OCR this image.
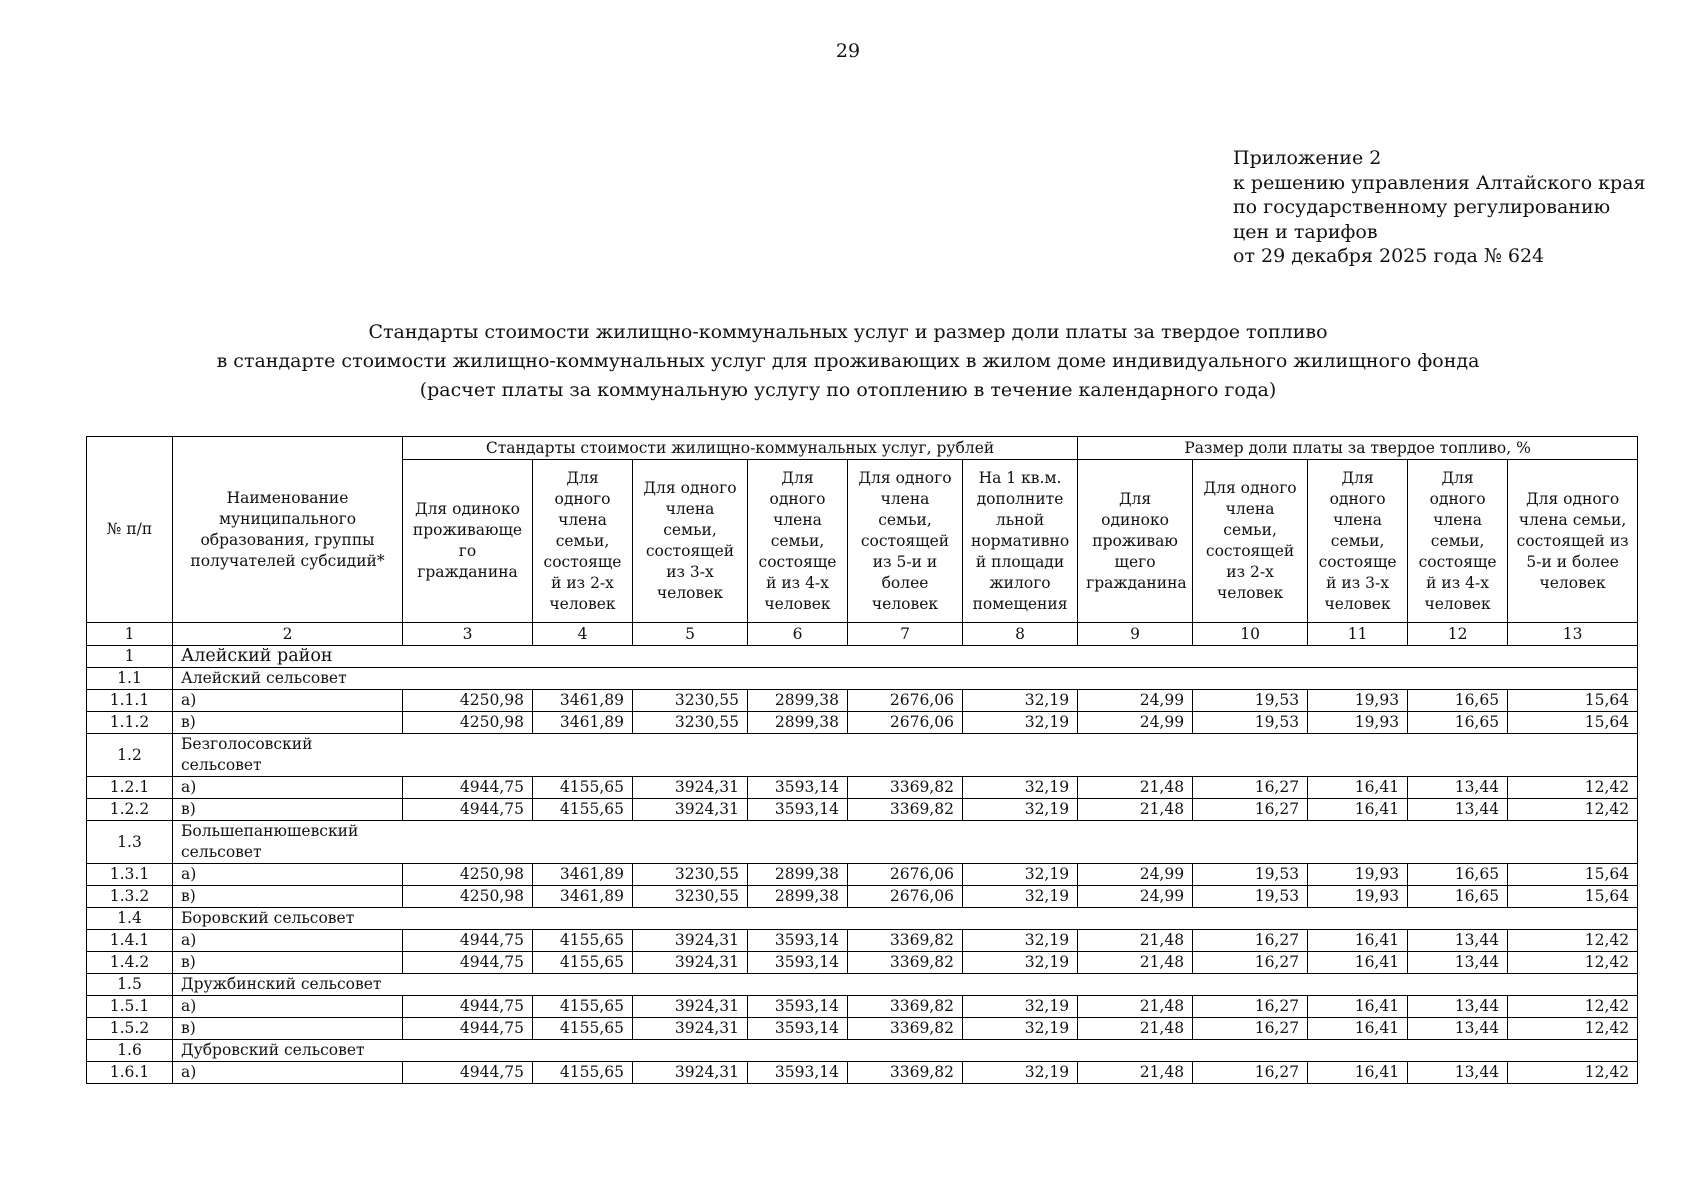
29
Приложение 2
к решению управления Алтайского края
по государственному регулированию
цен и тарифов
от 29 декабря 2025 года № 624
Стандарты стоимости жилищно-коммунальных услуг и размер доли платы за твердое топливо
в стандарте стоимости жилищно-коммунальных услуг для проживающих в жилом доме индивидуального жилищного фонда
(расчет платы за коммунальную услугу по отоплению в течение календарного года)
№ п/п	Наименование муниципального образования, группы получателей субсидий*	Стандарты стоимости жилищно-коммунальных услуг, рублей						Размер доли платы за твердое топливо, %				
		Для одиноко проживающе го гражданина	Для одного члена семьи, состояще й из 2-х человек	Для одного члена семьи, состоящей из 3-х человек	Для одного члена семьи, состояще й из 4-х человек	Для одного члена семьи, состоящей из 5-и и более человек	На 1 кв.м. дополните льной нормативно й площади жилого помещения	Для одиноко проживаю щего гражданина	Для одного члена семьи, состоящей из 2-х человек	Для одного члена семьи, состояще й из 3-х человек	Для одного члена семьи, состояще й из 4-х человек	Для одного члена семьи, состоящей из 5-и и более человек
1	2	3	4	5	6	7	8	9	10	11	12	13
1	Алейский район											
1.1	Алейский сельсовет											
1.1.1	а)	4250,98	3461,89	3230,55	2899,38	2676,06	32,19	24,99	19,53	19,93	16,65	15,64
1.1.2	в)	4250,98	3461,89	3230,55	2899,38	2676,06	32,19	24,99	19,53	19,93	16,65	15,64
1.2	Безголосовский сельсовет											
1.2.1	а)	4944,75	4155,65	3924,31	3593,14	3369,82	32,19	21,48	16,27	16,41	13,44	12,42
1.2.2	в)	4944,75	4155,65	3924,31	3593,14	3369,82	32,19	21,48	16,27	16,41	13,44	12,42
1.3	Большепанюшевский сельсовет											
1.3.1	а)	4250,98	3461,89	3230,55	2899,38	2676,06	32,19	24,99	19,53	19,93	16,65	15,64
1.3.2	в)	4250,98	3461,89	3230,55	2899,38	2676,06	32,19	24,99	19,53	19,93	16,65	15,64
1.4	Боровский сельсовет											
1.4.1	а)	4944,75	4155,65	3924,31	3593,14	3369,82	32,19	21,48	16,27	16,41	13,44	12,42
1.4.2	в)	4944,75	4155,65	3924,31	3593,14	3369,82	32,19	21,48	16,27	16,41	13,44	12,42
1.5	Дружбинский сельсовет											
1.5.1	а)	4944,75	4155,65	3924,31	3593,14	3369,82	32,19	21,48	16,27	16,41	13,44	12,42
1.5.2	в)	4944,75	4155,65	3924,31	3593,14	3369,82	32,19	21,48	16,27	16,41	13,44	12,42
1.6	Дубровский сельсовет											
1.6.1	а)	4944,75	4155,65	3924,31	3593,14	3369,82	32,19	21,48	16,27	16,41	13,44	12,42
